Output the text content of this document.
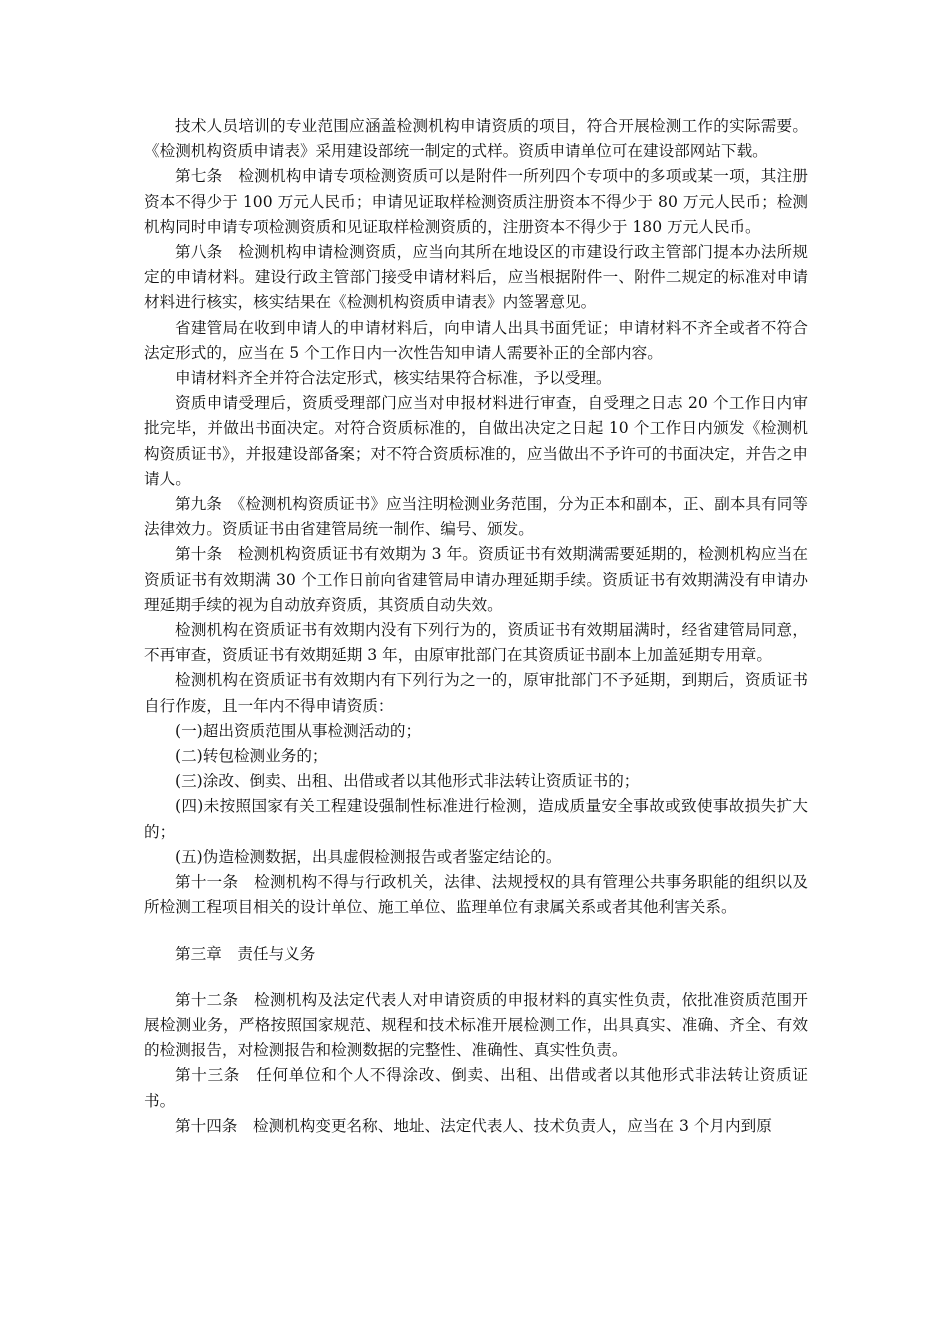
技术人员培训的专业范围应涵盖检测机构申请资质的项目，符合开展检测工作的实际需要。《检测机构资质申请表》采用建设部统一制定的式样。资质申请单位可在建设部网站下载。

第七条　检测机构申请专项检测资质可以是附件一所列四个专项中的多项或某一项，其注册资本不得少于 100 万元人民币；申请见证取样检测资质注册资本不得少于 80 万元人民币；检测机构同时申请专项检测资质和见证取样检测资质的，注册资本不得少于 180 万元人民币。

第八条　检测机构申请检测资质，应当向其所在地设区的市建设行政主管部门提本办法所规定的申请材料。建设行政主管部门接受申请材料后，应当根据附件一、附件二规定的标准对申请材料进行核实，核实结果在《检测机构资质申请表》内签署意见。

省建管局在收到申请人的申请材料后，向申请人出具书面凭证；申请材料不齐全或者不符合法定形式的，应当在 5 个工作日内一次性告知申请人需要补正的全部内容。

申请材料齐全并符合法定形式，核实结果符合标准，予以受理。

资质申请受理后，资质受理部门应当对申报材料进行审查，自受理之日志 20 个工作日内审批完毕，并做出书面决定。对符合资质标准的，自做出决定之日起 10 个工作日内颁发《检测机构资质证书》，并报建设部备案；对不符合资质标准的，应当做出不予许可的书面决定，并告之申请人。

第九条　《检测机构资质证书》应当注明检测业务范围，分为正本和副本，正、副本具有同等法律效力。资质证书由省建管局统一制作、编号、颁发。

第十条　检测机构资质证书有效期为 3 年。资质证书有效期满需要延期的，检测机构应当在资质证书有效期满 30 个工作日前向省建管局申请办理延期手续。资质证书有效期满没有申请办理延期手续的视为自动放弃资质，其资质自动失效。

检测机构在资质证书有效期内没有下列行为的，资质证书有效期届满时，经省建管局同意，不再审查，资质证书有效期延期 3 年，由原审批部门在其资质证书副本上加盖延期专用章。

检测机构在资质证书有效期内有下列行为之一的，原审批部门不予延期，到期后，资质证书自行作废，且一年内不得申请资质：

(一)超出资质范围从事检测活动的；

(二)转包检测业务的；

(三)涂改、倒卖、出租、出借或者以其他形式非法转让资质证书的；

(四)未按照国家有关工程建设强制性标准进行检测，造成质量安全事故或致使事故损失扩大的；

(五)伪造检测数据，出具虚假检测报告或者鉴定结论的。

第十一条　检测机构不得与行政机关，法律、法规授权的具有管理公共事务职能的组织以及所检测工程项目相关的设计单位、施工单位、监理单位有隶属关系或者其他利害关系。

第三章　责任与义务

第十二条　检测机构及法定代表人对申请资质的申报材料的真实性负责，依批准资质范围开展检测业务，严格按照国家规范、规程和技术标准开展检测工作，出具真实、准确、齐全、有效的检测报告，对检测报告和检测数据的完整性、准确性、真实性负责。

第十三条　任何单位和个人不得涂改、倒卖、出租、出借或者以其他形式非法转让资质证书。

第十四条　检测机构变更名称、地址、法定代表人、技术负责人，应当在 3 个月内到原
